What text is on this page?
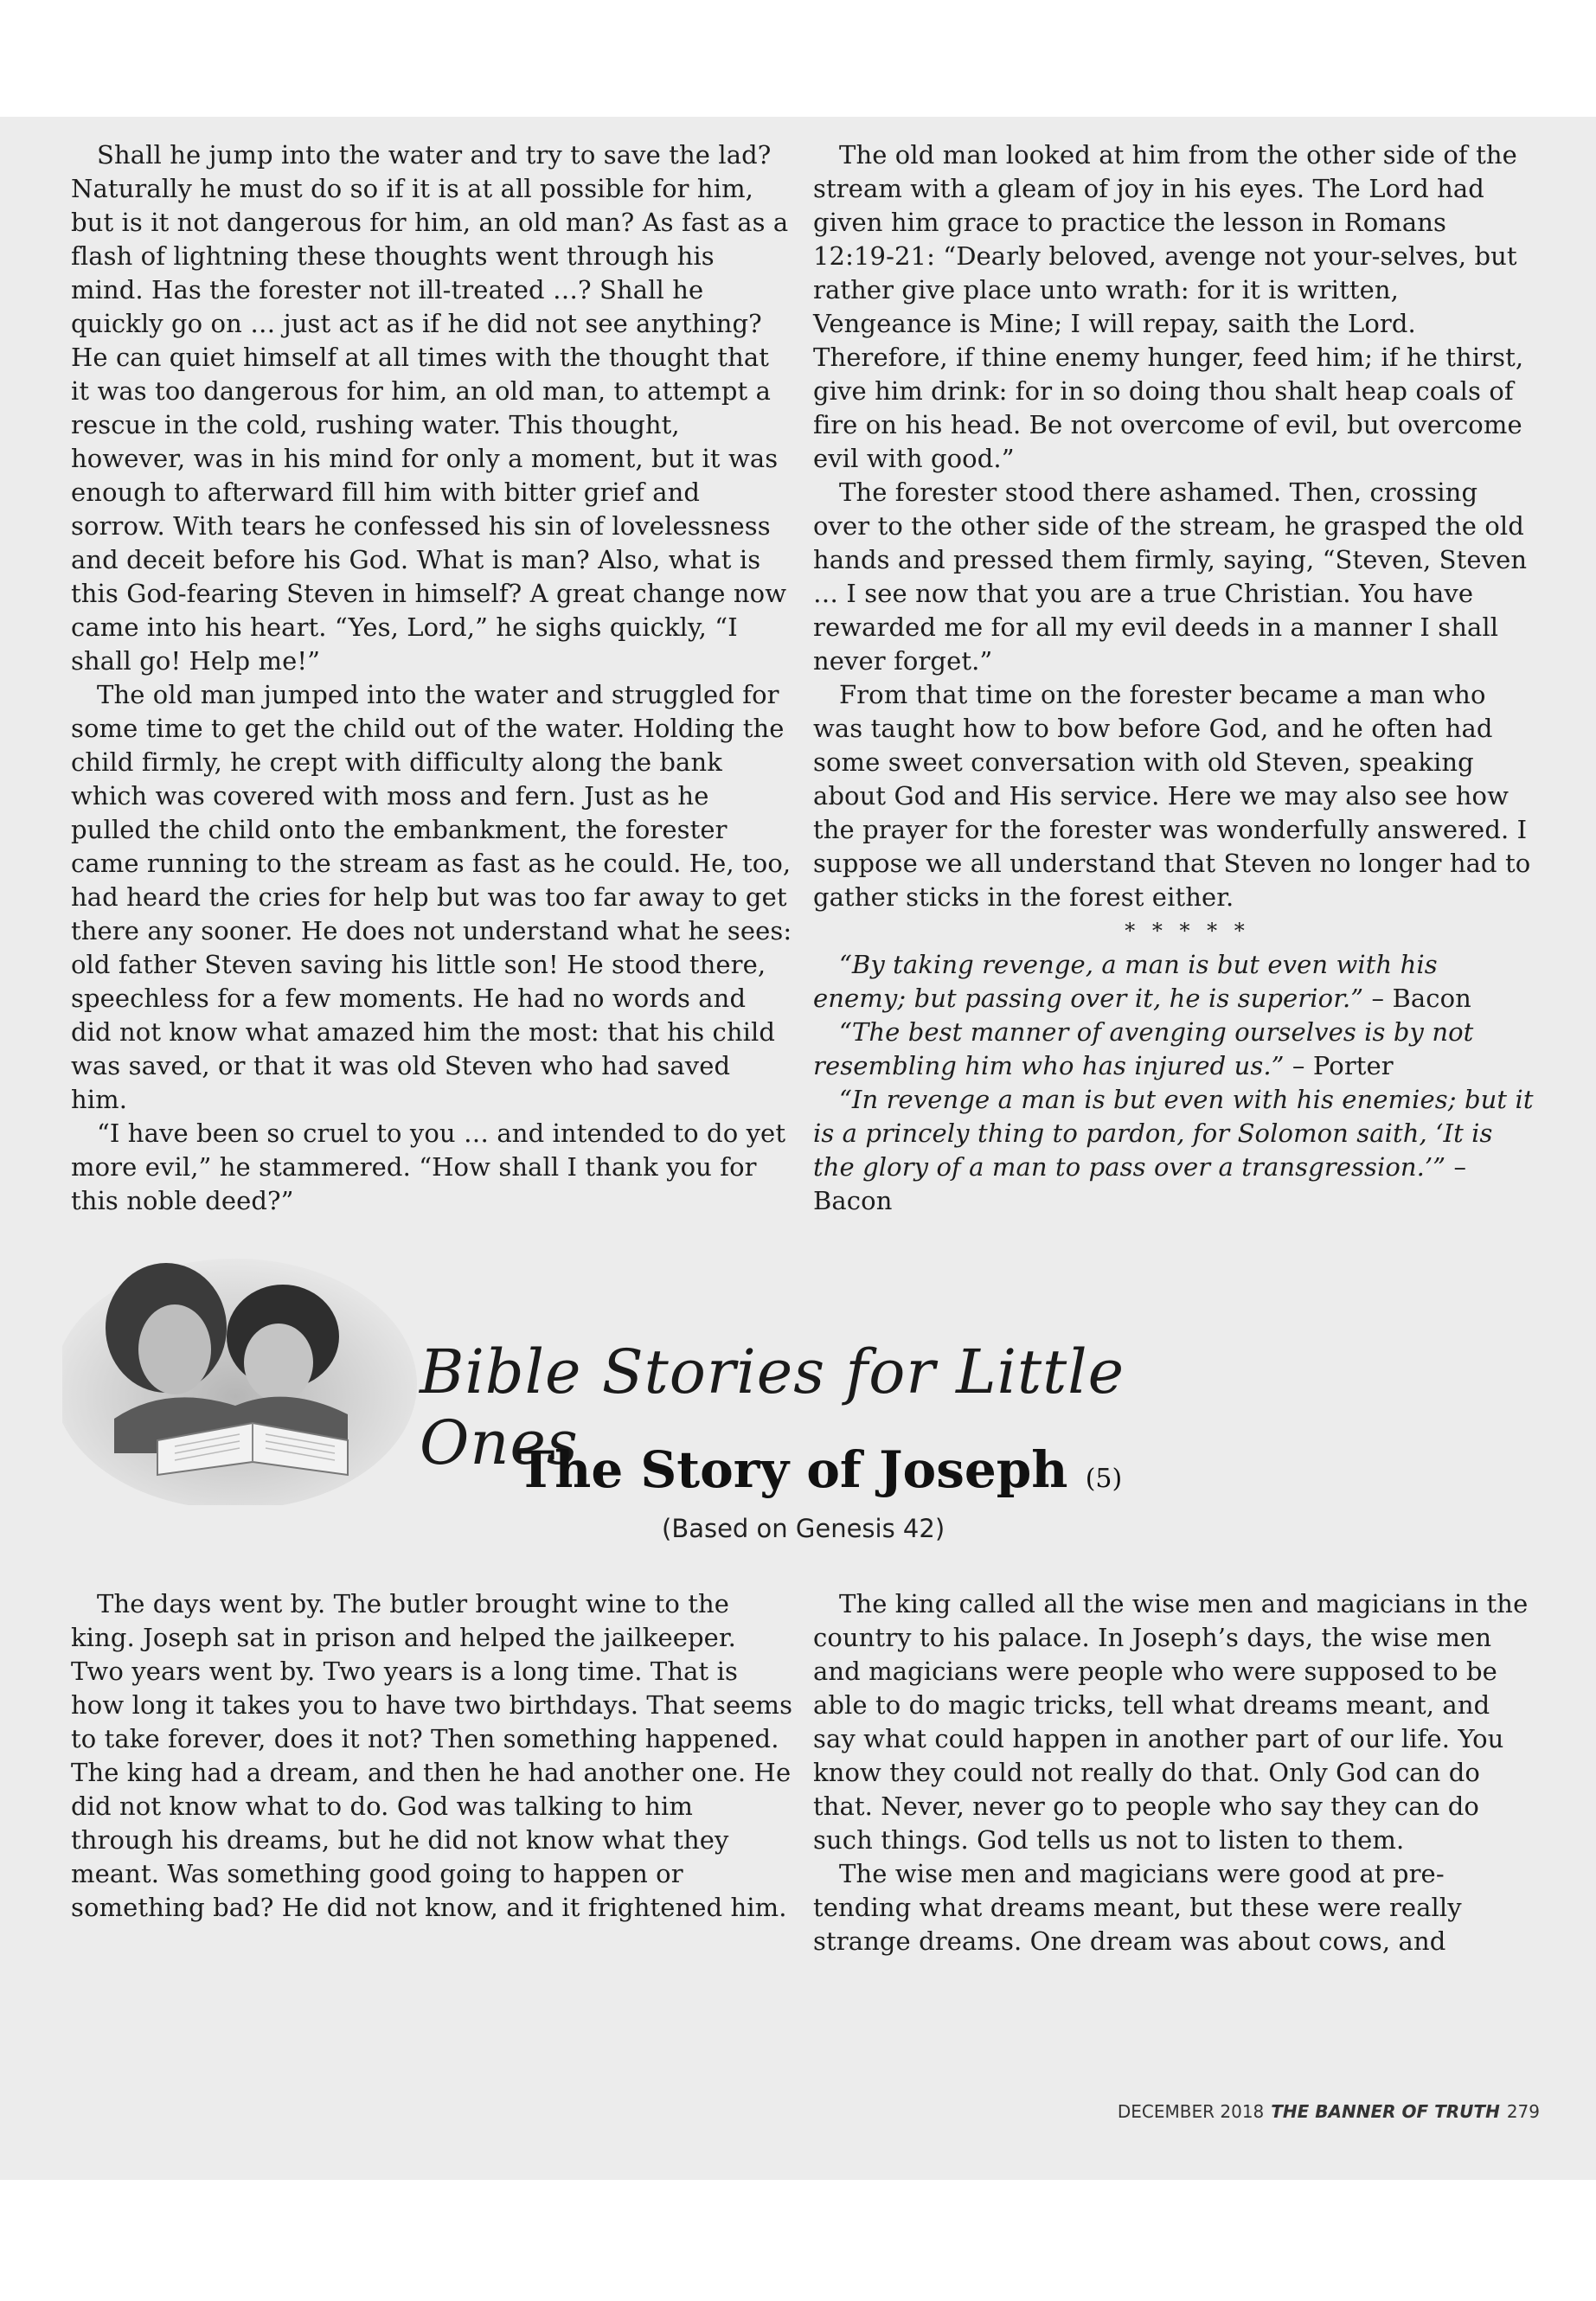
Shall he jump into the water and try to save the lad? Naturally he must do so if it is at all possible for him, but is it not dangerous for him, an old man? As fast as a flash of lightning these thoughts went through his mind. Has the forester not ill-treated …? Shall he quickly go on … just act as if he did not see anything? He can quiet himself at all times with the thought that it was too dangerous for him, an old man, to attempt a rescue in the cold, rushing water. This thought, however, was in his mind for only a moment, but it was enough to afterward fill him with bitter grief and sorrow. With tears he confessed his sin of lovelessness and deceit before his God. What is man? Also, what is this God-fearing Steven in himself? A great change now came into his heart. “Yes, Lord,” he sighs quickly, “I shall go! Help me!”

The old man jumped into the water and struggled for some time to get the child out of the water. Holding the child firmly, he crept with difficulty along the bank which was covered with moss and fern. Just as he pulled the child onto the embankment, the forester came running to the stream as fast as he could. He, too, had heard the cries for help but was too far away to get there any sooner. He does not understand what he sees: old father Steven saving his little son! He stood there, speechless for a few moments. He had no words and did not know what amazed him the most: that his child was saved, or that it was old Steven who had saved him.

“I have been so cruel to you … and intended to do yet more evil,” he stammered. “How shall I thank you for this noble deed?”

The old man looked at him from the other side of the stream with a gleam of joy in his eyes. The Lord had given him grace to practice the lesson in Romans 12:19-21: “Dearly beloved, avenge not your-selves, but rather give place unto wrath: for it is written, Vengeance is Mine; I will repay, saith the Lord. Therefore, if thine enemy hunger, feed him; if he thirst, give him drink: for in so doing thou shalt heap coals of fire on his head. Be not overcome of evil, but overcome evil with good.”

The forester stood there ashamed. Then, crossing over to the other side of the stream, he grasped the old hands and pressed them firmly, saying, “Steven, Steven … I see now that you are a true Christian. You have rewarded me for all my evil deeds in a manner I shall never forget.”

From that time on the forester became a man who was taught how to bow before God, and he often had some sweet conversation with old Steven, speaking about God and His service. Here we may also see how the prayer for the forester was wonderfully answered. I suppose we all understand that Steven no longer had to gather sticks in the forest either.

* * * * *

“By taking revenge, a man is but even with his enemy; but passing over it, he is superior.” – Bacon

“The best manner of avenging ourselves is by not resembling him who has injured us.” – Porter

“In revenge a man is but even with his enemies; but it is a princely thing to pardon, for Solomon saith, ‘It is the glory of a man to pass over a transgression.’” – Bacon

Bible Stories for Little Ones
The Story of Joseph (5)
(Based on Genesis 42)

The days went by. The butler brought wine to the king. Joseph sat in prison and helped the jailkeeper. Two years went by. Two years is a long time. That is how long it takes you to have two birthdays. That seems to take forever, does it not? Then something happened. The king had a dream, and then he had another one. He did not know what to do. God was talking to him through his dreams, but he did not know what they meant. Was something good going to happen or something bad? He did not know, and it frightened him.

The king called all the wise men and magicians in the country to his palace. In Joseph’s days, the wise men and magicians were people who were supposed to be able to do magic tricks, tell what dreams meant, and say what could happen in another part of our life. You know they could not really do that. Only God can do that. Never, never go to people who say they can do such things. God tells us not to listen to them.

The wise men and magicians were good at pre-tending what dreams meant, but these were really strange dreams. One dream was about cows, and

DECEMBER 2018 THE BANNER OF TRUTH 279
